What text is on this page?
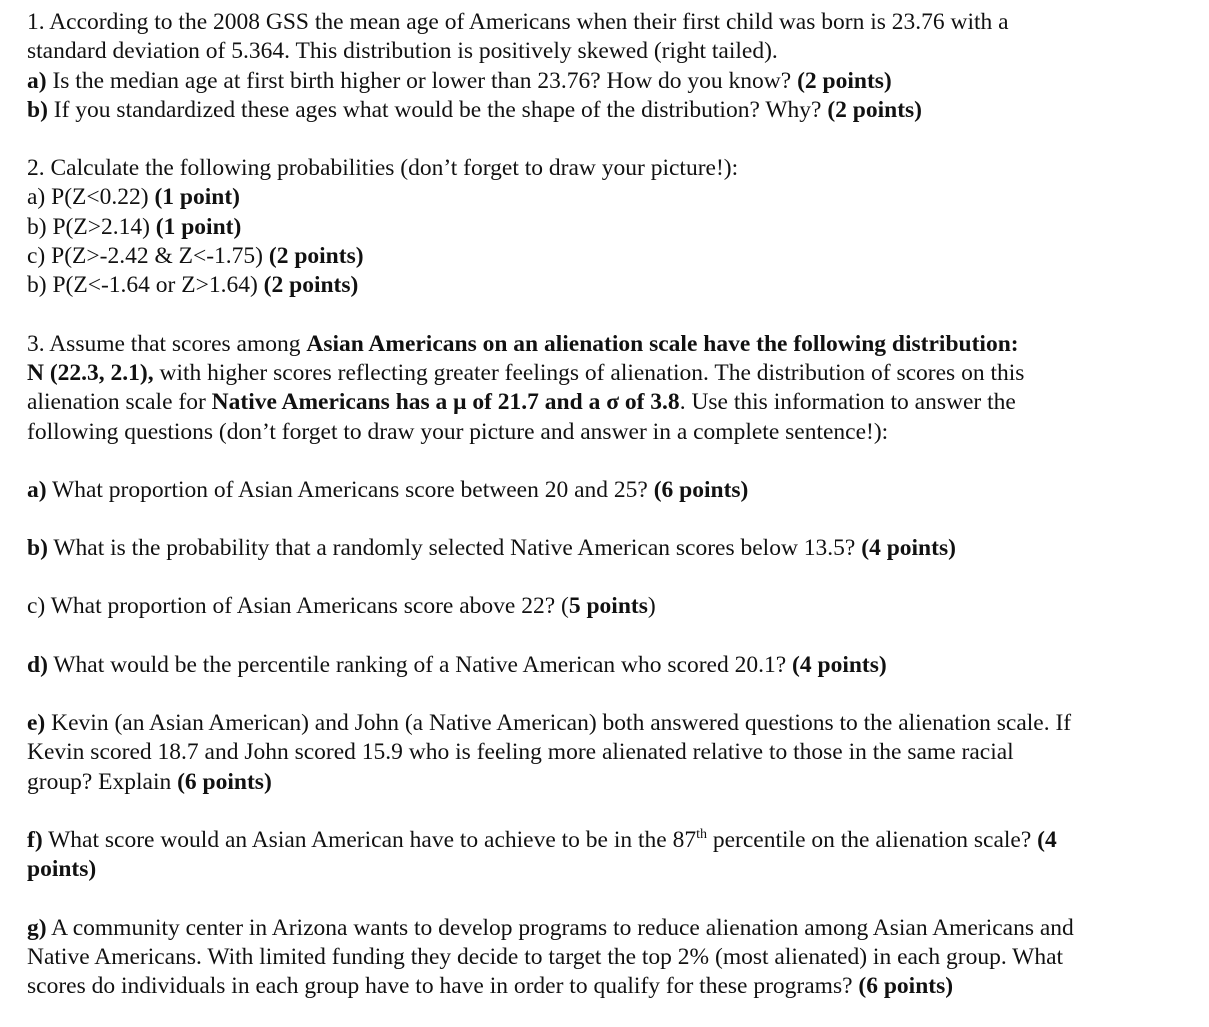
1. According to the 2008 GSS the mean age of Americans when their first child was born is 23.76 with a
standard deviation of 5.364. This distribution is positively skewed (right tailed).
a) Is the median age at first birth higher or lower than 23.76? How do you know? (2 points)
b) If you standardized these ages what would be the shape of the distribution? Why? (2 points)
2. Calculate the following probabilities (don’t forget to draw your picture!):
a) P(Z<0.22) (1 point)
b) P(Z>2.14) (1 point)
c) P(Z>-2.42 & Z<-1.75) (2 points)
b) P(Z<-1.64 or Z>1.64) (2 points)
3. Assume that scores among Asian Americans on an alienation scale have the following distribution:
N (22.3, 2.1), with higher scores reflecting greater feelings of alienation. The distribution of scores on this
alienation scale for Native Americans has a μ of 21.7 and a σ of 3.8. Use this information to answer the
following questions (don’t forget to draw your picture and answer in a complete sentence!):
a) What proportion of Asian Americans score between 20 and 25? (6 points)
b) What is the probability that a randomly selected Native American scores below 13.5? (4 points)
c) What proportion of Asian Americans score above 22? (5 points)
d) What would be the percentile ranking of a Native American who scored 20.1? (4 points)
e) Kevin (an Asian American) and John (a Native American) both answered questions to the alienation scale. If
Kevin scored 18.7 and John scored 15.9 who is feeling more alienated relative to those in the same racial
group? Explain (6 points)
f) What score would an Asian American have to achieve to be in the 87th percentile on the alienation scale? (4
points)
g) A community center in Arizona wants to develop programs to reduce alienation among Asian Americans and
Native Americans. With limited funding they decide to target the top 2% (most alienated) in each group. What
scores do individuals in each group have to have in order to qualify for these programs? (6 points)
